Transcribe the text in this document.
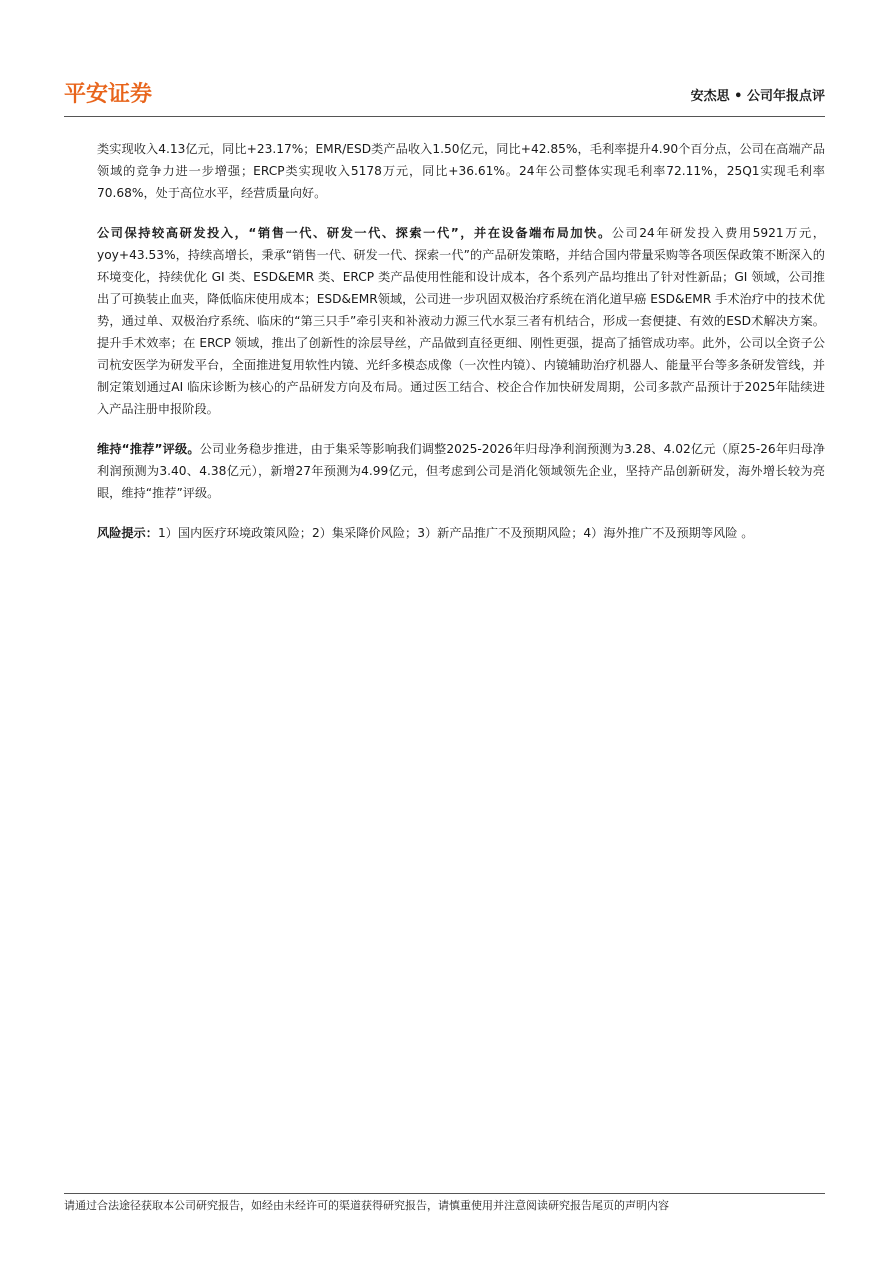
平安证券	安杰思 • 公司年报点评

类实现收入4.13亿元，同比+23.17%；EMR/ESD类产品收入1.50亿元，同比+42.85%，毛利率提升4.90个百分点，公司在高端产品领域的竞争力进一步增强；ERCP类实现收入5178万元，同比+36.61%。24年公司整体实现毛利率72.11%，25Q1实现毛利率70.68%，处于高位水平，经营质量向好。

公司保持较高研发投入，“销售一代、研发一代、探索一代”，并在设备端布局加快。公司24年研发投入费用5921万元，yoy+43.53%，持续高增长，秉承“销售一代、研发一代、探索一代”的产品研发策略，并结合国内带量采购等各项医保政策不断深入的环境变化，持续优化 GI 类、ESD&EMR 类、ERCP 类产品使用性能和设计成本，各个系列产品均推出了针对性新品；GI 领域，公司推出了可换装止血夹，降低临床使用成本；ESD&EMR领域，公司进一步巩固双极治疗系统在消化道早癌 ESD&EMR 手术治疗中的技术优势，通过单、双极治疗系统、临床的“第三只手”牵引夹和补液动力源三代水泵三者有机结合，形成一套便捷、有效的ESD术解决方案。提升手术效率；在 ERCP 领域，推出了创新性的涂层导丝，产品做到直径更细、刚性更强，提高了插管成功率。此外，公司以全资子公司杭安医学为研发平台，全面推进复用软性内镜、光纤多模态成像（一次性内镜）、内镜辅助治疗机器人、能量平台等多条研发管线，并制定策划通过AI 临床诊断为核心的产品研发方向及布局。通过医工结合、校企合作加快研发周期，公司多款产品预计于2025年陆续进入产品注册申报阶段。

维持“推荐”评级。公司业务稳步推进，由于集采等影响我们调整2025-2026年归母净利润预测为3.28、4.02亿元（原25-26年归母净利润预测为3.40、4.38亿元），新增27年预测为4.99亿元，但考虑到公司是消化领域领先企业，坚持产品创新研发，海外增长较为亮眼，维持“推荐”评级。

风险提示：1）国内医疗环境政策风险；2）集采降价风险；3）新产品推广不及预期风险；4）海外推广不及预期等风险 。

请通过合法途径获取本公司研究报告，如经由未经许可的渠道获得研究报告，请慎重使用并注意阅读研究报告尾页的声明内容
